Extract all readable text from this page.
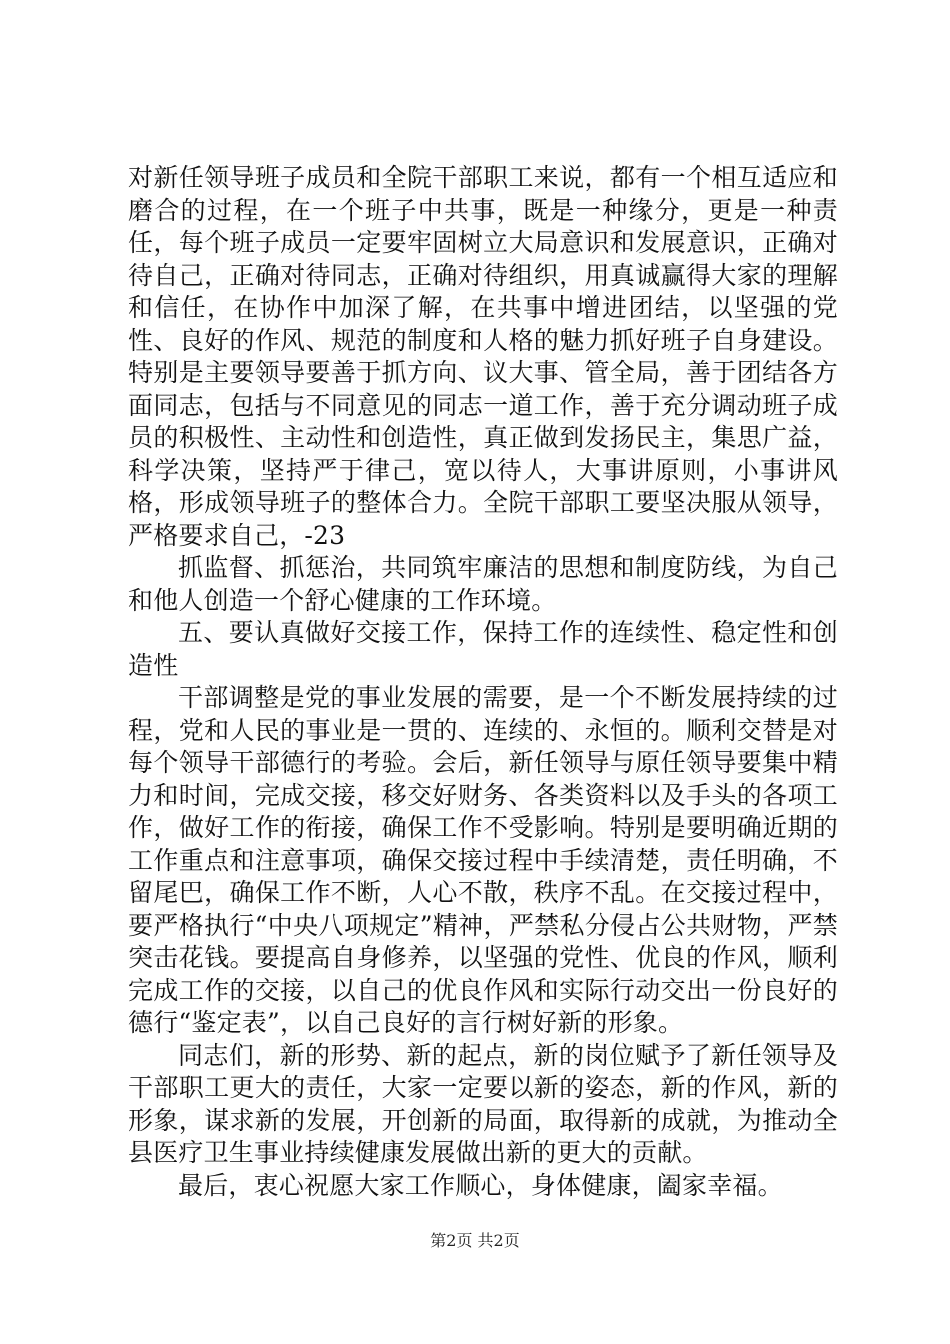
对新任领导班子成员和全院干部职工来说，都有一个相互适应和磨合的过程，在一个班子中共事，既是一种缘分，更是一种责任，每个班子成员一定要牢固树立大局意识和发展意识，正确对待自己，正确对待同志，正确对待组织，用真诚赢得大家的理解和信任，在协作中加深了解，在共事中增进团结，以坚强的党性、良好的作风、规范的制度和人格的魅力抓好班子自身建设。特别是主要领导要善于抓方向、议大事、管全局，善于团结各方面同志，包括与不同意见的同志一道工作，善于充分调动班子成员的积极性、主动性和创造性，真正做到发扬民主，集思广益，科学决策，坚持严于律己，宽以待人，大事讲原则，小事讲风格，形成领导班子的整体合力。全院干部职工要坚决服从领导，严格要求自己，-23

抓监督、抓惩治，共同筑牢廉洁的思想和制度防线，为自己和他人创造一个舒心健康的工作环境。

五、要认真做好交接工作，保持工作的连续性、稳定性和创造性

干部调整是党的事业发展的需要，是一个不断发展持续的过程，党和人民的事业是一贯的、连续的、永恒的。顺利交替是对每个领导干部德行的考验。会后，新任领导与原任领导要集中精力和时间，完成交接，移交好财务、各类资料以及手头的各项工作，做好工作的衔接，确保工作不受影响。特别是要明确近期的工作重点和注意事项，确保交接过程中手续清楚，责任明确，不留尾巴，确保工作不断，人心不散，秩序不乱。在交接过程中，要严格执行“中央八项规定”精神，严禁私分侵占公共财物，严禁突击花钱。要提高自身修养，以坚强的党性、优良的作风，顺利完成工作的交接，以自己的优良作风和实际行动交出一份良好的德行“鉴定表”，以自己良好的言行树好新的形象。

同志们，新的形势、新的起点，新的岗位赋予了新任领导及干部职工更大的责任，大家一定要以新的姿态，新的作风，新的形象，谋求新的发展，开创新的局面，取得新的成就，为推动全县医疗卫生事业持续健康发展做出新的更大的贡献。

最后，衷心祝愿大家工作顺心，身体健康，阖家幸福。

第2页 共2页
